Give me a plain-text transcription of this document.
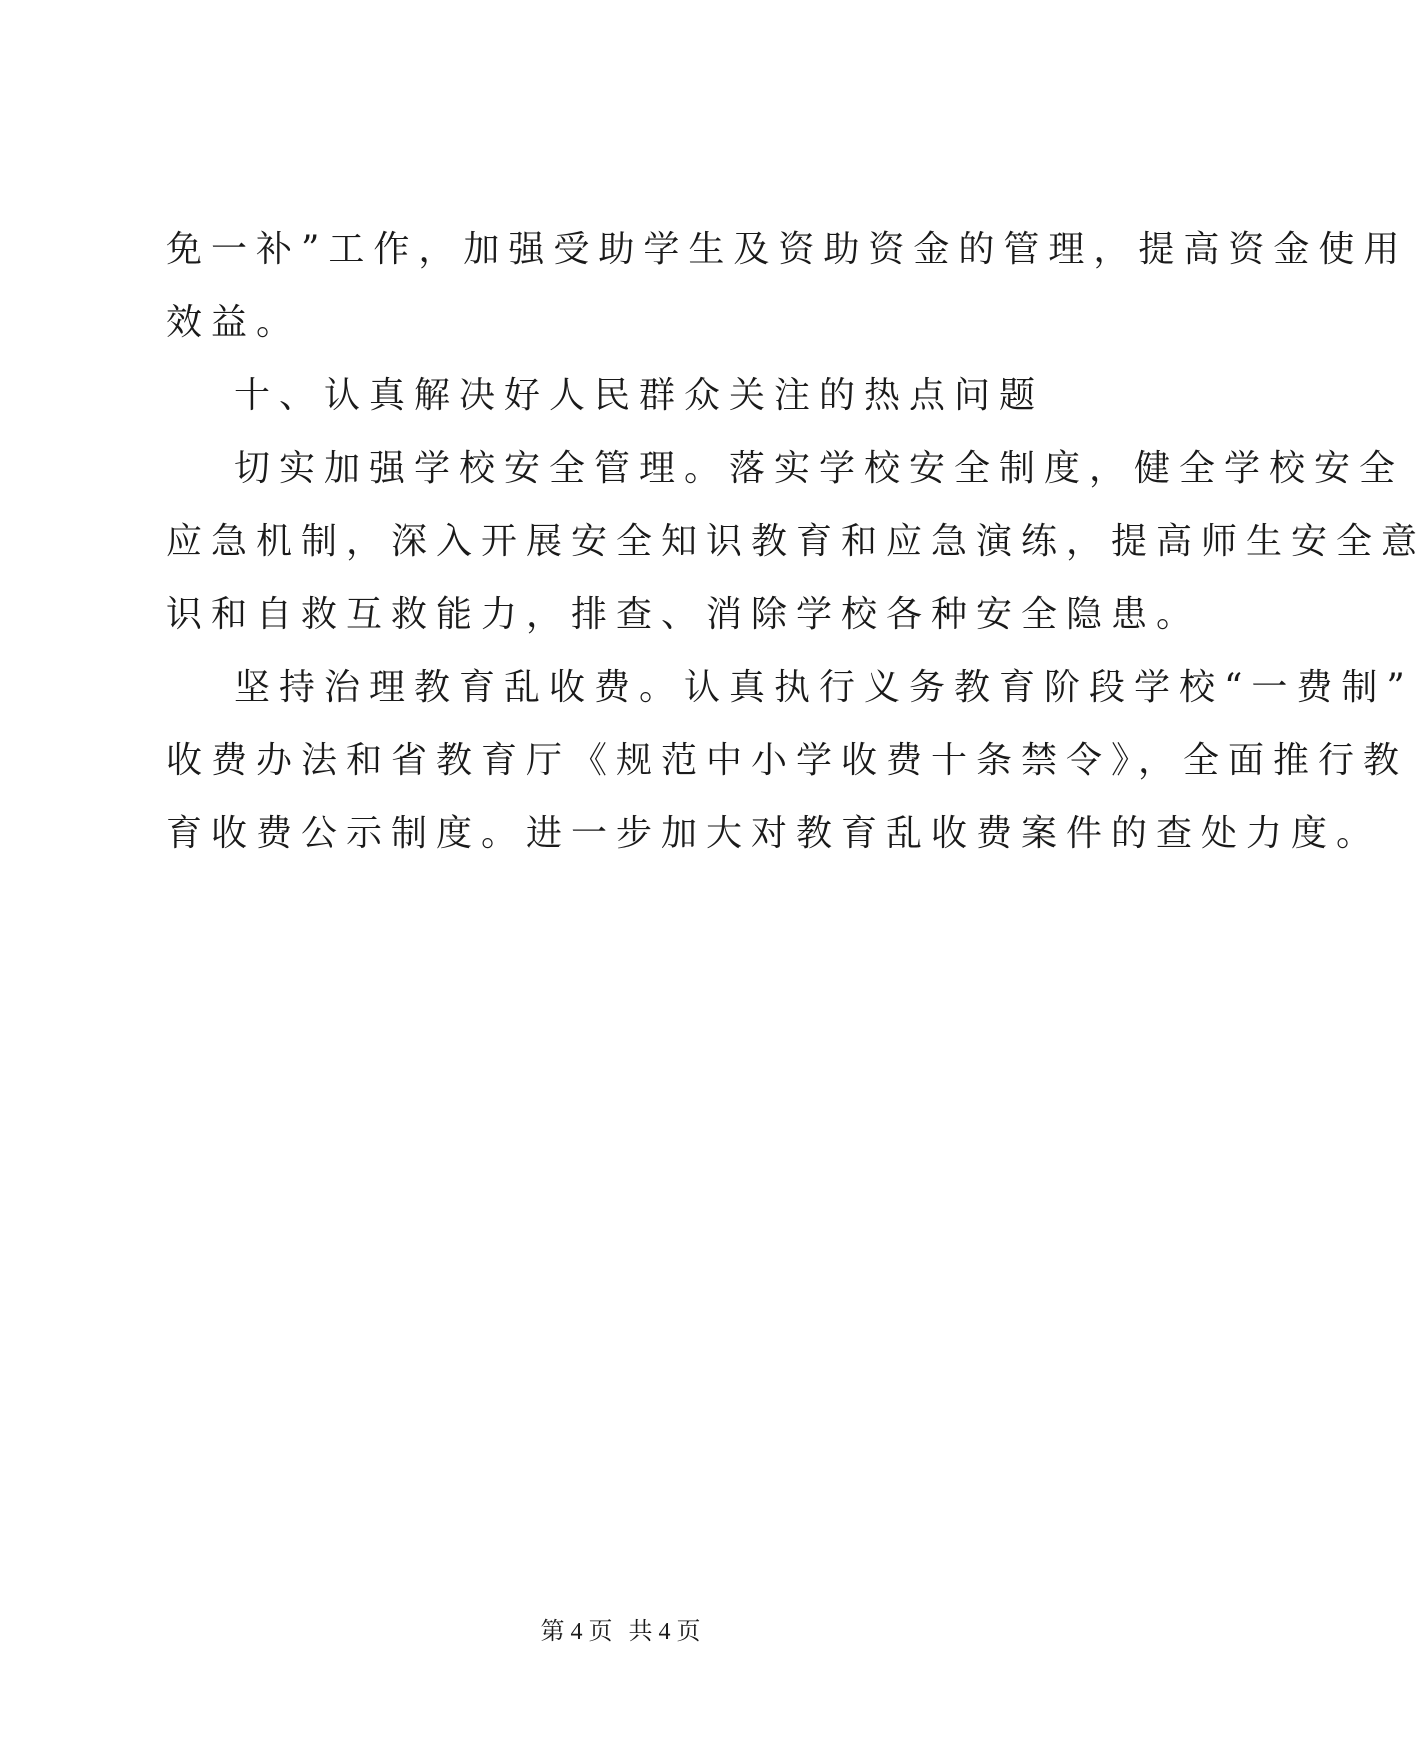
免一补”工作，加强受助学生及资助资金的管理，提高资金使用
效益。
十、认真解决好人民群众关注的热点问题
切实加强学校安全管理。落实学校安全制度，健全学校安全
应急机制，深入开展安全知识教育和应急演练，提高师生安全意
识和自救互救能力，排查、消除学校各种安全隐患。
坚持治理教育乱收费。认真执行义务教育阶段学校“一费制”
收费办法和省教育厅《规范中小学收费十条禁令》，全面推行教
育收费公示制度。进一步加大对教育乱收费案件的查处力度。
第 4 页 共 4 页
